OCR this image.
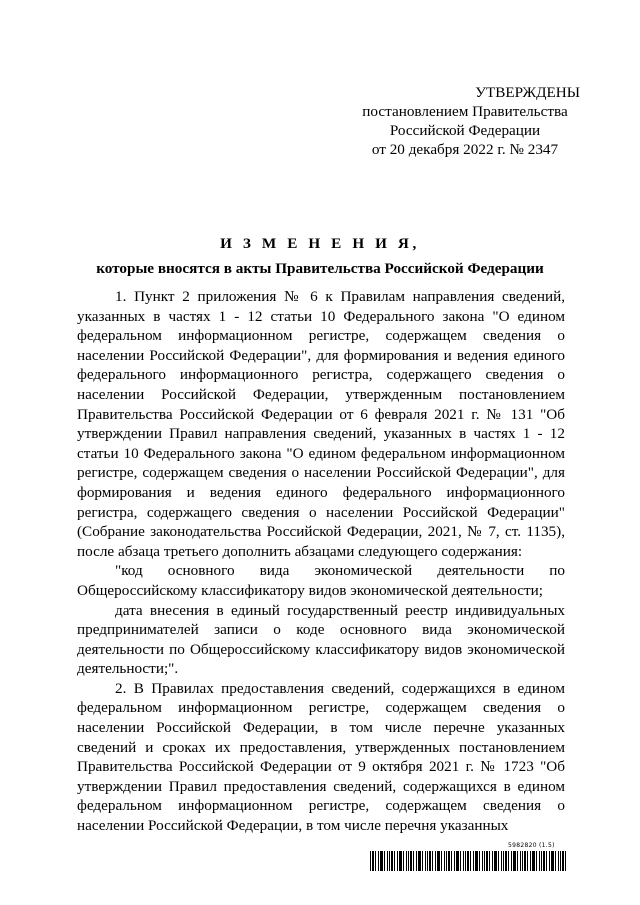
УТВЕРЖДЕНЫ
постановлением Правительства
Российской Федерации
от 20 декабря 2022 г. № 2347
И З М Е Н Е Н И Я,
которые вносятся в акты Правительства Российской Федерации

1. Пункт 2 приложения № 6 к Правилам направления сведений, указанных в частях 1 - 12 статьи 10 Федерального закона "О едином федеральном информационном регистре, содержащем сведения о населении Российской Федерации", для формирования и ведения единого федерального информационного регистра, содержащего сведения о населении Российской Федерации, утвержденным постановлением Правительства Российской Федерации от 6 февраля 2021 г. № 131 "Об утверждении Правил направления сведений, указанных в частях 1 - 12 статьи 10 Федерального закона "О едином федеральном информационном регистре, содержащем сведения о населении Российской Федерации", для формирования и ведения единого федерального информационного регистра, содержащего сведения о населении Российской Федерации" (Собрание законодательства Российской Федерации, 2021, № 7, ст. 1135), после абзаца третьего дополнить абзацами следующего содержания:

"код основного вида экономической деятельности по Общероссийскому классификатору видов экономической деятельности;

дата внесения в единый государственный реестр индивидуальных предпринимателей записи о коде основного вида экономической деятельности по Общероссийскому классификатору видов экономической деятельности;".

2. В Правилах предоставления сведений, содержащихся в едином федеральном информационном регистре, содержащем сведения о населении Российской Федерации, в том числе перечне указанных сведений и сроках их предоставления, утвержденных постановлением Правительства Российской Федерации от 9 октября 2021 г. № 1723 "Об утверждении Правил предоставления сведений, содержащихся в едином федеральном информационном регистре, содержащем сведения о населении Российской Федерации, в том числе перечня указанных

5982820 (1.5)
